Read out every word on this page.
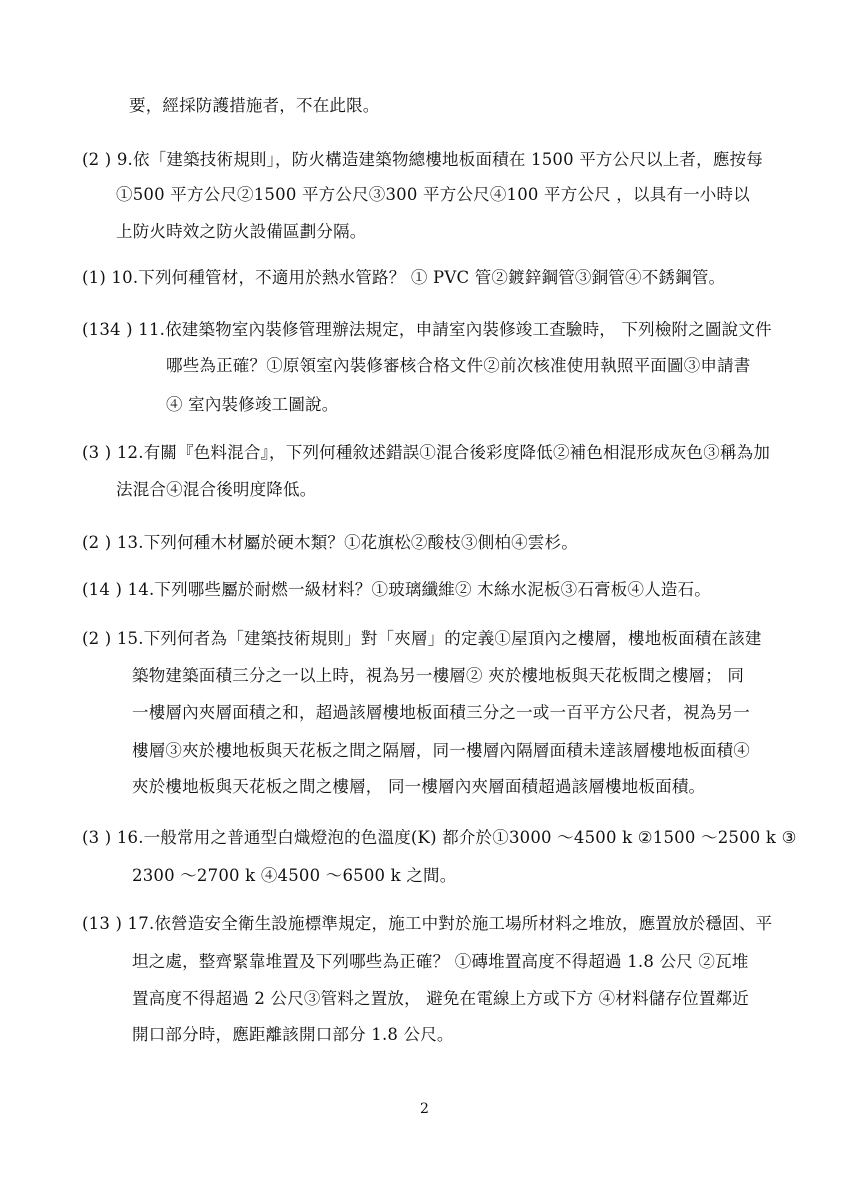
要，經採防護措施者，不在此限。
(2 ) 9.依「建築技術規則」，防火構造建築物總樓地板面積在 1500 平方公尺以上者，應按每
①500 平方公尺②1500 平方公尺③300 平方公尺④100 平方公尺 ，以具有一小時以
上防火時效之防火設備區劃分隔。
(1) 10.下列何種管材，不適用於熱水管路？ ① PVC 管②鍍鋅鋼管③銅管④不銹鋼管。
(134 ) 11.依建築物室內裝修管理辦法規定，申請室內裝修竣工查驗時， 下列檢附之圖說文件
哪些為正確？①原領室內裝修審核合格文件②前次核准使用執照平面圖③申請書
④ 室內裝修竣工圖說。
(3 ) 12.有關『色料混合』，下列何種敘述錯誤①混合後彩度降低②補色相混形成灰色③稱為加
法混合④混合後明度降低。
(2 ) 13.下列何種木材屬於硬木類？①花旗松②酸枝③側柏④雲杉。
(14 ) 14.下列哪些屬於耐燃一級材料？①玻璃纖維② 木絲水泥板③石膏板④人造石。
(2 ) 15.下列何者為「建築技術規則」對「夾層」的定義①屋頂內之樓層，樓地板面積在該建
築物建築面積三分之一以上時，視為另一樓層② 夾於樓地板與天花板間之樓層； 同
一樓層內夾層面積之和，超過該層樓地板面積三分之一或一百平方公尺者，視為另一
樓層③夾於樓地板與天花板之間之隔層，同一樓層內隔層面積未達該層樓地板面積④
夾於樓地板與天花板之間之樓層， 同一樓層內夾層面積超過該層樓地板面積。
(3 ) 16.一般常用之普通型白熾燈泡的色溫度(K) 都介於①3000 ～4500 k ②1500 ～2500 k ③
2300 ～2700 k ④4500 ～6500 k 之間。
(13 ) 17.依營造安全衛生設施標準規定，施工中對於施工場所材料之堆放，應置放於穩固、平
坦之處，整齊緊靠堆置及下列哪些為正確？ ①磚堆置高度不得超過 1.8 公尺 ②瓦堆
置高度不得超過 2 公尺③管料之置放， 避免在電線上方或下方 ④材料儲存位置鄰近
開口部分時，應距離該開口部分 1.8 公尺。
2
